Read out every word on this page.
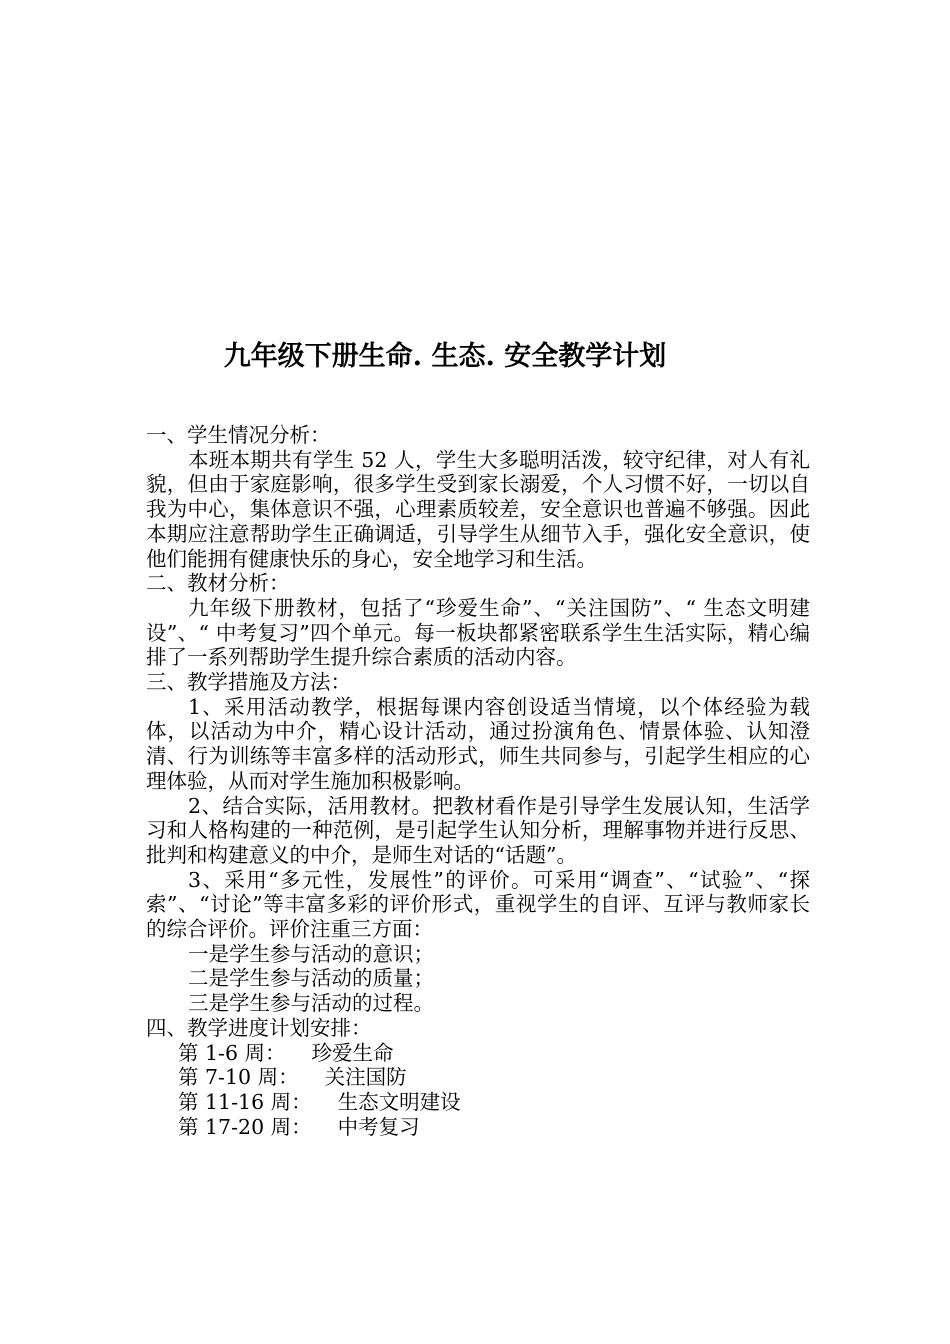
九年级下册生命. 生态. 安全教学计划

一、学生情况分析：

本班本期共有学生 52 人，学生大多聪明活泼，较守纪律，对人有礼貌，但由于家庭影响，很多学生受到家长溺爱，个人习惯不好，一切以自我为中心，集体意识不强，心理素质较差，安全意识也普遍不够强。因此本期应注意帮助学生正确调适，引导学生从细节入手，强化安全意识，使他们能拥有健康快乐的身心，安全地学习和生活。

二、教材分析：

九年级下册教材，包括了“珍爱生命”、“关注国防”、“ 生态文明建设”、“ 中考复习”四个单元。每一板块都紧密联系学生生活实际，精心编排了一系列帮助学生提升综合素质的活动内容。

三、教学措施及方法：

1、采用活动教学，根据每课内容创设适当情境，以个体经验为载体，以活动为中介，精心设计活动，通过扮演角色、情景体验、认知澄清、行为训练等丰富多样的活动形式，师生共同参与，引起学生相应的心理体验，从而对学生施加积极影响。

2、结合实际，活用教材。把教材看作是引导学生发展认知，生活学习和人格构建的一种范例，是引起学生认知分析，理解事物并进行反思、批判和构建意义的中介，是师生对话的“话题”。

3、采用“多元性，发展性”的评价。可采用“调查”、“试验”、“探索”、“讨论”等丰富多彩的评价形式，重视学生的自评、互评与教师家长的综合评价。评价注重三方面：

一是学生参与活动的意识；

二是学生参与活动的质量；

三是学生参与活动的过程。

四、教学进度计划安排：

第 1-6 周：	珍爱生命
第 7-10 周：	关注国防
第 11-16 周：	生态文明建设
第 17-20 周：	中考复习
